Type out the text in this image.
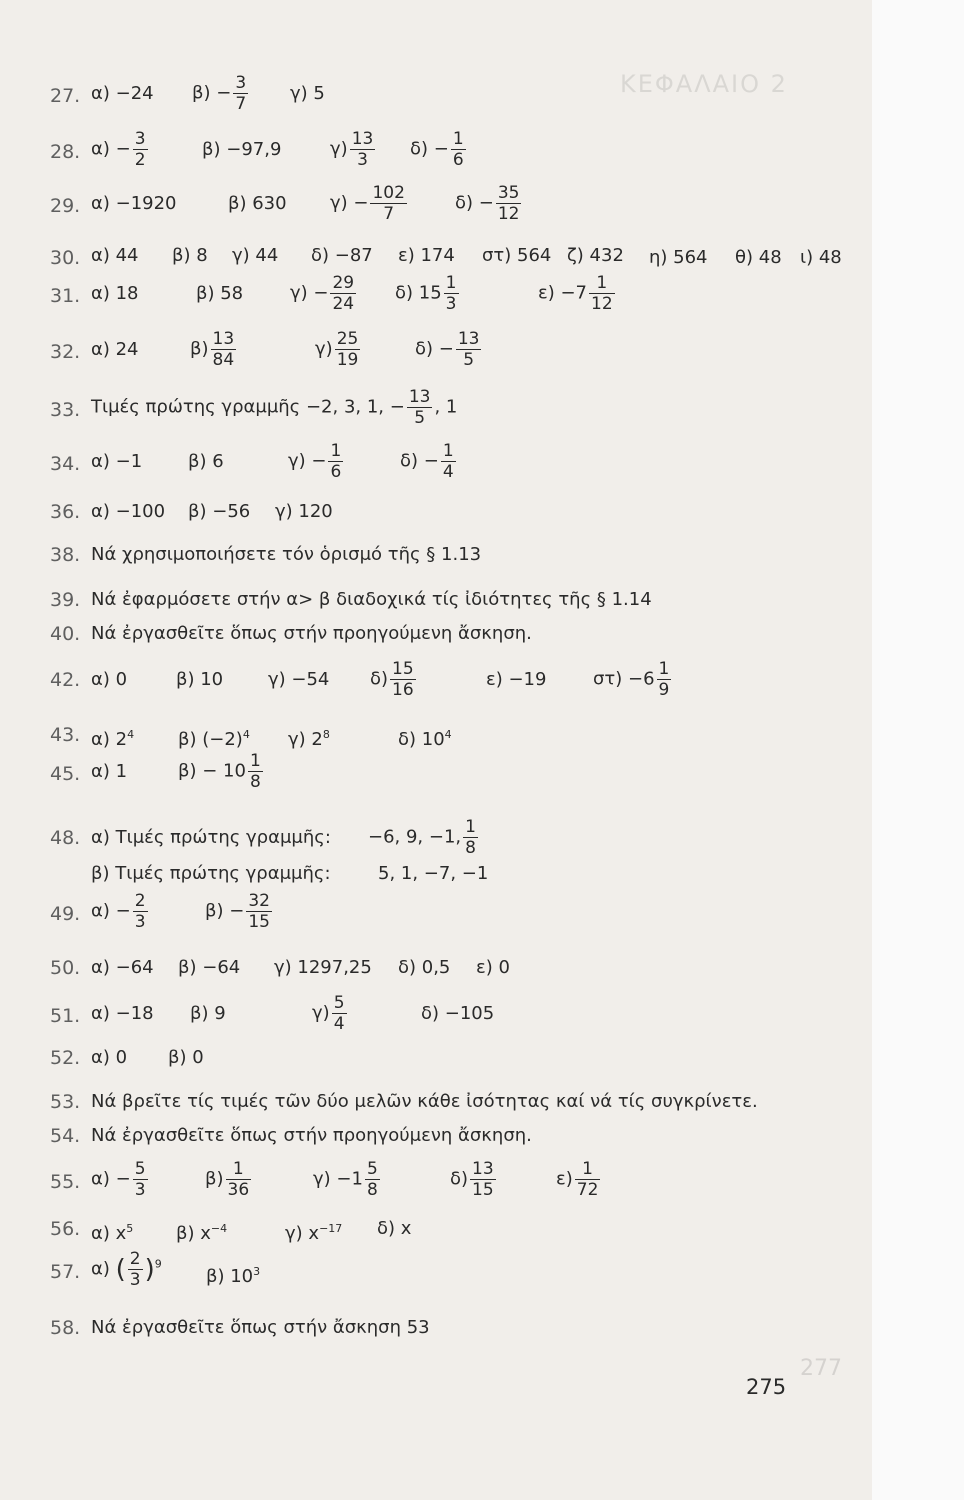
ΚΕΦΑΛΑΙΟ 2
277
27. α) −24 $\beta) - \frac{3}{7} \gamma$) 5
28. $\alpha) - \frac{3}{2}$	β) −97,9	$\gamma) \frac{13}{3} \delta) - \frac{1}{6}$
29. α) −1920	β) 630 $\gamma) - \frac{102}{7}$	$\delta) - \frac{35}{12}$
30. α) 44 β) 8 γ) 44 δ) −87 ε) 174 στ) 564 ζ) 432 η) 564 θ) 48 ι) 48
31. α) 18	β) 58	$\gamma) - \frac{29}{24} \delta$) $15 \frac{1}{3}$	$\varepsilon) -7 \frac{1}{12}$
32. α) 24	$\beta) \frac{13}{84}$	$\gamma) \frac{25}{19}$	$\delta) - \frac{13}{5}$
33. Τιμές πρώτης γραμμῆς −2, 3, 1, − $\frac{13}{5}$ , 1
34. α) −1	β) 6	$\gamma) - \frac{1}{6}$	$\delta) - \frac{1}{4}$
36. α) −100 β) −56 γ) 120
38. Νά χρησιμοποιήσετε τόν ὁρισμό τῆς § 1.13
39. Νά ἐφαρμόσετε στήν α> β διαδοχικά τίς ἰδιότητες τῆς § 1.14
40. Νά ἐργασθεῖτε ὅπως στήν προηγούμενη ἄσκηση.
42. α) 0	β) 10 γ) −54 $\delta) \frac{15}{16}$	ε) −19	$\sigma\tau) -6 \frac{1}{9}$
43. α) $2^4$ β) $(-2)^4$ γ) $2^8$	δ) $10^4$
45. α) 1	$\beta) - 10 \frac{1}{8}$
48. α) Τιμές πρώτης γραμμῆς: −6, 9, −1, $\frac{1}{8}$
β) Τιμές πρώτης γραμμῆς:	5, 1, −7, −1
49. $\alpha) - \frac{2}{3}$	$\beta) - \frac{32}{15}$
50. α) −64 β) −64 γ) 1297,25 δ) 0,5 ε) 0
51. α) −18 β) 9	$\gamma) \frac{5}{4}$	δ) −105
52. α) 0 β) 0
53. Νά βρεῖτε τίς τιμές τῶν δύο μελῶν κάθε ἰσότητας καί νά τίς συγκρίνετε.
54. Νά ἐργασθεῖτε ὅπως στήν προηγούμενη ἄσκηση.
55. $\alpha) - \frac{5}{3}$	$\beta) \frac{1}{36}$	$\gamma) -1 \frac{5}{8}$	$\delta) \frac{13}{15}$	$\varepsilon) \frac{1}{72}$
56. α) $x^5$ β) $x^{-4}$	γ) $x^{-17}$ δ) x
57. α) ( $\frac{2}{3} )^9$
β) $10^3$
58. Νά ἐργασθεῖτε ὅπως στήν ἄσκηση 53
275
